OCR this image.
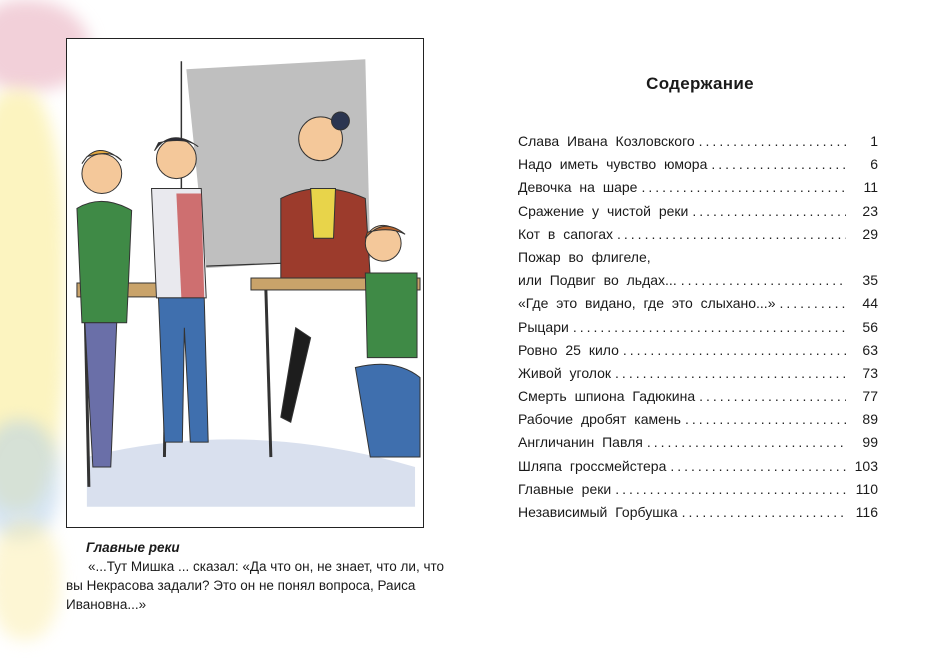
Главные реки

«...Тут Мишка ... сказал: «Да что он, не знает, что ли, что вы Некрасова задали? Это он не понял вопроса, Раиса Ивановна...»

Содержание
Слава Ивана Козловского .....	1
Надо иметь чувство юмора .....	6
Девочка на шаре .....	11
Сражение у чистой реки .....	23
Кот в сапогах .....	29
Пожар во флигеле,
или Подвиг во льдах... .....	35
«Где это видано, где это слыхано...» .....	44
Рыцари .....	56
Ровно 25 кило .....	63
Живой уголок .....	73
Смерть шпиона Гадюкина .....	77
Рабочие дробят камень .....	89
Англичанин Павля .....	99
Шляпа гроссмейстера .....	103
Главные реки .....	110
Независимый Горбушка .....	116
